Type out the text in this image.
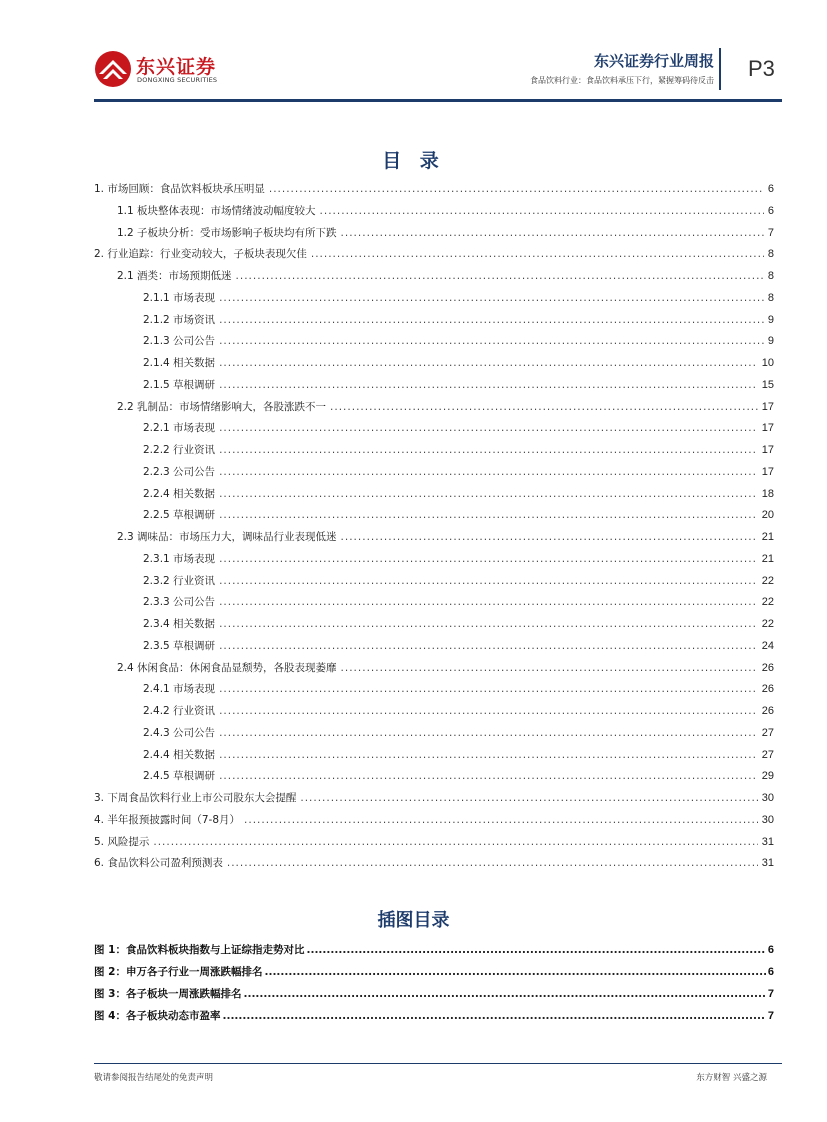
东兴证券
DONGXING SECURITIES
东兴证券行业周报
食品饮料行业：食品饮料承压下行，紧握筹码待反击 P3
目 录
1. 市场回顾：食品饮料板块承压明显 .....	6
1.1 板块整体表现：市场情绪波动幅度较大 .....	6
1.2 子板块分析：受市场影响子板块均有所下跌 .....	7
2. 行业追踪：行业变动较大，子板块表现欠佳 .....	8
2.1 酒类：市场预期低迷 .....	8
2.1.1 市场表现 .....	8
2.1.2 市场资讯 .....	9
2.1.3 公司公告 .....	9
2.1.4 相关数据 .....	10
2.1.5 草根调研 .....	15
2.2 乳制品：市场情绪影响大，各股涨跌不一 .....	17
2.2.1 市场表现 .....	17
2.2.2 行业资讯 .....	17
2.2.3 公司公告 .....	17
2.2.4 相关数据 .....	18
2.2.5 草根调研 .....	20
2.3 调味品：市场压力大，调味品行业表现低迷 .....	21
2.3.1 市场表现 .....	21
2.3.2 行业资讯 .....	22
2.3.3 公司公告 .....	22
2.3.4 相关数据 .....	22
2.3.5 草根调研 .....	24
2.4 休闲食品：休闲食品显颓势，各股表现萎靡 .....	26
2.4.1 市场表现 .....	26
2.4.2 行业资讯 .....	26
2.4.3 公司公告 .....	27
2.4.4 相关数据 .....	27
2.4.5 草根调研 .....	29
3. 下周食品饮料行业上市公司股东大会提醒 .....	30
4. 半年报预披露时间（7-8月） .....	30
5. 风险提示 .....	31
6. 食品饮料公司盈利预测表 .....	31
插图目录
图 1：食品饮料板块指数与上证综指走势对比 .....	6
图 2：申万各子行业一周涨跌幅排名 .....	6
图 3：各子板块一周涨跌幅排名 .....	7
图 4：各子板块动态市盈率 .....	7
敬请参阅报告结尾处的免责声明	东方财智 兴盛之源
